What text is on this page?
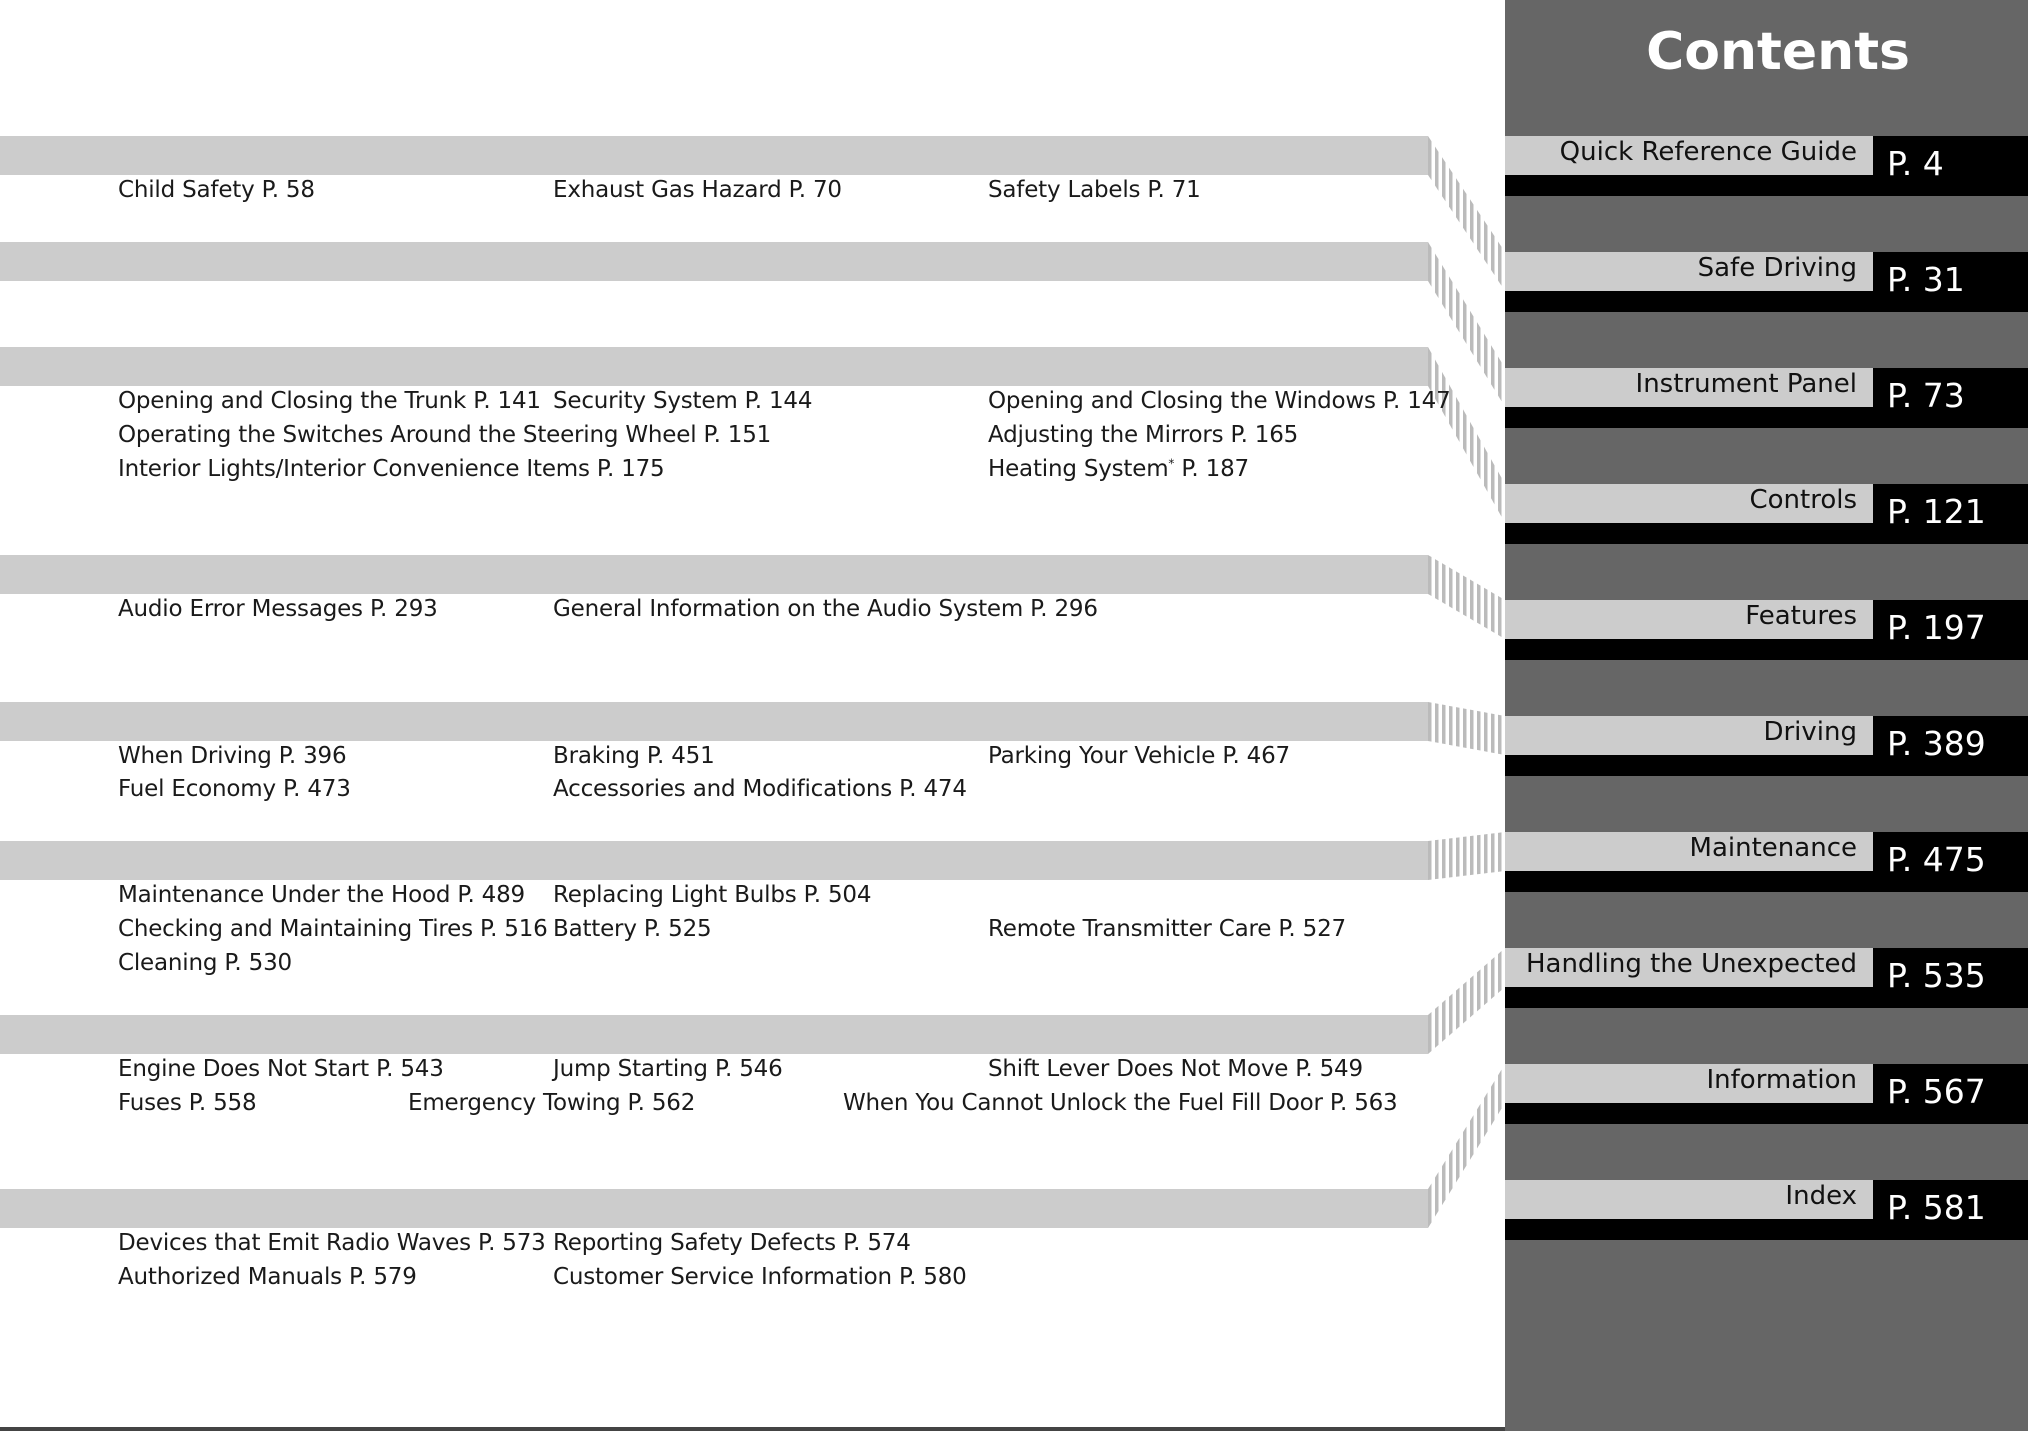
Child Safety P. 58	Exhaust Gas Hazard P. 70	Safety Labels P. 71
Opening and Closing the Trunk P. 141 Security System P. 144	Opening and Closing the Windows P. 147
Operating the Switches Around the Steering Wheel P. 151	Adjusting the Mirrors P. 165
Interior Lights/Interior Convenience Items P. 175	Heating System* P. 187
Audio Error Messages P. 293	General Information on the Audio System P. 296
When Driving P. 396	Braking P. 451	Parking Your Vehicle P. 467
Fuel Economy P. 473	Accessories and Modifications P. 474
Maintenance Under the Hood P. 489 Replacing Light Bulbs P. 504
Checking and Maintaining Tires P. 516 Battery P. 525	Remote Transmitter Care P. 527
Cleaning P. 530
Engine Does Not Start P. 543	Jump Starting P. 546	Shift Lever Does Not Move P. 549
Fuses P. 558	Emergency Towing P. 562	When You Cannot Unlock the Fuel Fill Door P. 563
Devices that Emit Radio Waves P. 573 Reporting Safety Defects P. 574
Authorized Manuals P. 579	Customer Service Information P. 580
Contents
Quick Reference Guide P. 4
Safe Driving P. 31
Instrument Panel P. 73
Controls P. 121
Features P. 197
Driving P. 389
Maintenance P. 475
Handling the Unexpected P. 535
Information P. 567
Index P. 581
